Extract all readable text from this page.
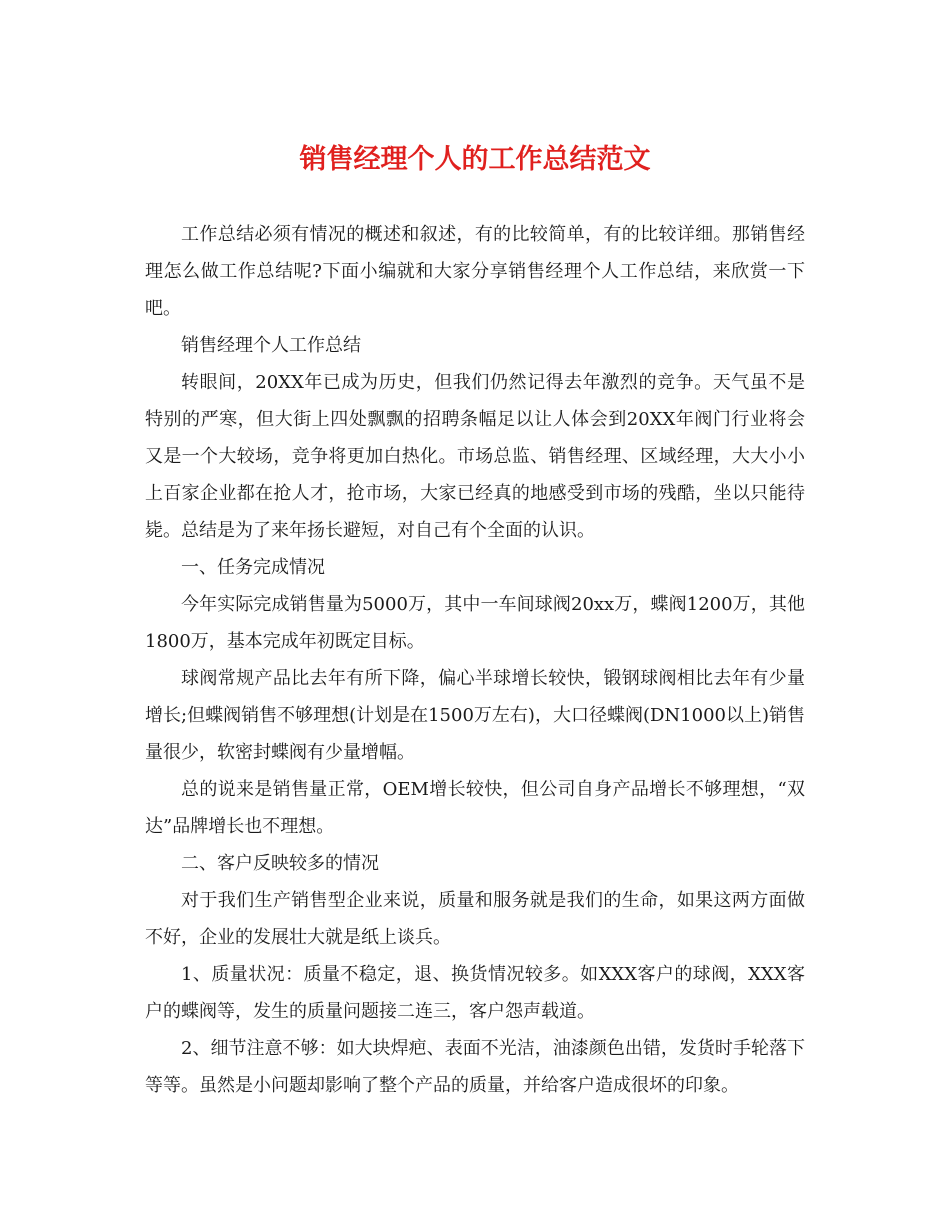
销售经理个人的工作总结范文

工作总结必须有情况的概述和叙述，有的比较简单，有的比较详细。那销售经理怎么做工作总结呢?下面小编就和大家分享销售经理个人工作总结，来欣赏一下吧。

销售经理个人工作总结

转眼间，20XX年已成为历史，但我们仍然记得去年激烈的竞争。天气虽不是特别的严寒，但大街上四处飘飘的招聘条幅足以让人体会到20XX年阀门行业将会又是一个大较场，竞争将更加白热化。市场总监、销售经理、区域经理，大大小小上百家企业都在抢人才，抢市场，大家已经真的地感受到市场的残酷，坐以只能待毙。总结是为了来年扬长避短，对自己有个全面的认识。

一、任务完成情况

今年实际完成销售量为5000万，其中一车间球阀20xx万，蝶阀1200万，其他1800万，基本完成年初既定目标。

球阀常规产品比去年有所下降，偏心半球增长较快，锻钢球阀相比去年有少量增长;但蝶阀销售不够理想(计划是在1500万左右)，大口径蝶阀(DN1000以上)销售量很少，软密封蝶阀有少量增幅。

总的说来是销售量正常，OEM增长较快，但公司自身产品增长不够理想，“双达”品牌增长也不理想。

二、客户反映较多的情况

对于我们生产销售型企业来说，质量和服务就是我们的生命，如果这两方面做不好，企业的发展壮大就是纸上谈兵。

1、质量状况：质量不稳定，退、换货情况较多。如XXX客户的球阀，XXX客户的蝶阀等，发生的质量问题接二连三，客户怨声载道。

2、细节注意不够：如大块焊疤、表面不光洁，油漆颜色出错，发货时手轮落下等等。虽然是小问题却影响了整个产品的质量，并给客户造成很坏的印象。
